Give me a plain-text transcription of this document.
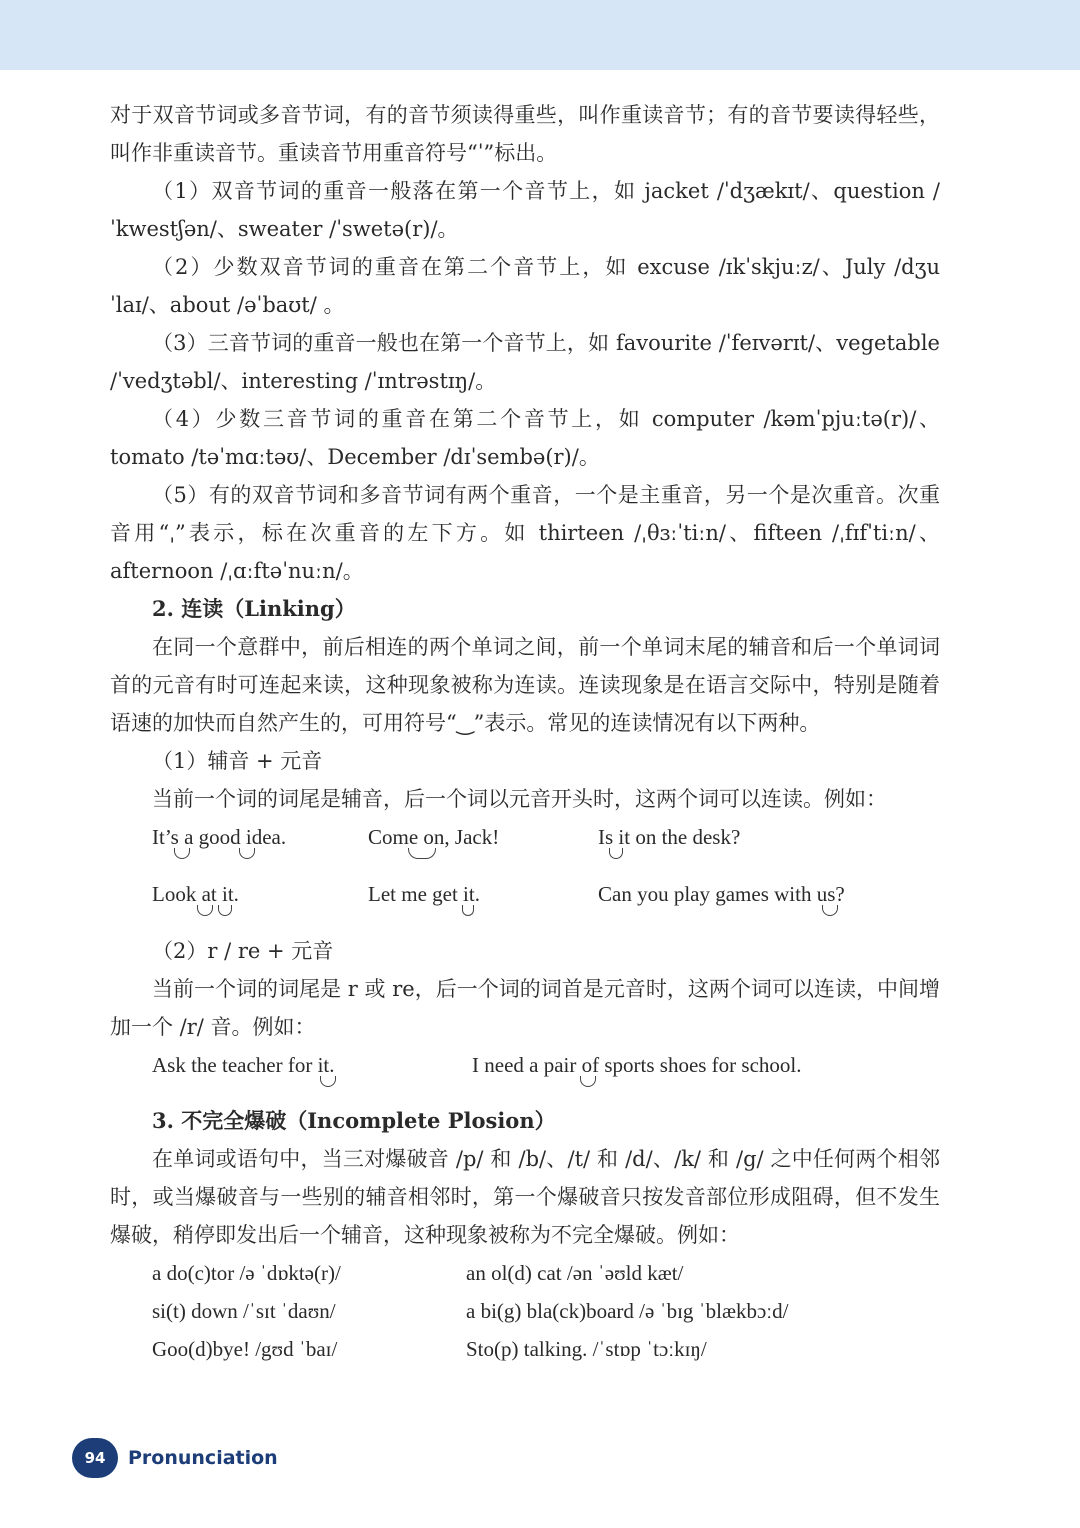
对于双音节词或多音节词，有的音节须读得重些，叫作重读音节；有的音节要读得轻些，叫作非重读音节。重读音节用重音符号“ˈ”标出。

（1）双音节词的重音一般落在第一个音节上，如 jacket /ˈdʒækɪt/、question /ˈkwestʃən/、sweater /ˈswetə(r)/。

（2）少数双音节词的重音在第二个音节上，如 excuse /ɪkˈskjuːz/、July /dʒuˈlaɪ/、about /əˈbaʊt/ 。

（3）三音节词的重音一般也在第一个音节上，如 favourite /ˈfeɪvərɪt/、vegetable /ˈvedʒtəbl/、interesting /ˈɪntrəstɪŋ/。

（4）少数三音节词的重音在第二个音节上，如 computer /kəmˈpjuːtə(r)/、tomato /təˈmɑːtəʊ/、December /dɪˈsembə(r)/。

（5）有的双音节词和多音节词有两个重音，一个是主重音，另一个是次重音。次重音用“ˌ”表示，标在次重音的左下方。如 thirteen /ˌθɜːˈtiːn/、fifteen /ˌfɪfˈtiːn/、afternoon /ˌɑːftəˈnuːn/。

2. 连读（Linking）

在同一个意群中，前后相连的两个单词之间，前一个单词末尾的辅音和后一个单词词首的元音有时可连起来读，这种现象被称为连读。连读现象是在语言交际中，特别是随着语速的加快而自然产生的，可用符号“‿”表示。常见的连读情况有以下两种。

（1）辅音 + 元音
当前一个词的词尾是辅音，后一个词以元音开头时，这两个词可以连读。例如：
It’s a good idea.	Come on, Jack!	Is it on the desk?
Look at it.	Let me get it.	Can you play games with us?
（2）r / re + 元音

当前一个词的词尾是 r 或 re，后一个词的词首是元音时，这两个词可以连读，中间增加一个 /r/ 音。例如：

Ask the teacher for it.	I need a pair of sports shoes for school.

3. 不完全爆破（Incomplete Plosion）

在单词或语句中，当三对爆破音 /p/ 和 /b/、/t/ 和 /d/、/k/ 和 /g/ 之中任何两个相邻时，或当爆破音与一些别的辅音相邻时，第一个爆破音只按发音部位形成阻碍，但不发生爆破，稍停即发出后一个辅音，这种现象被称为不完全爆破。例如：

a do(c)tor /ə ˈdɒktə(r)/	an ol(d) cat /ən ˈəʊld kæt/
si(t) down /ˈsɪt ˈdaʊn/	a bi(g) bla(ck)board /ə ˈbɪg ˈblækbɔːd/
Goo(d)bye! /gʊd ˈbaɪ/	Sto(p) talking. /ˈstɒp ˈtɔːkɪŋ/
94	Pronunciation
